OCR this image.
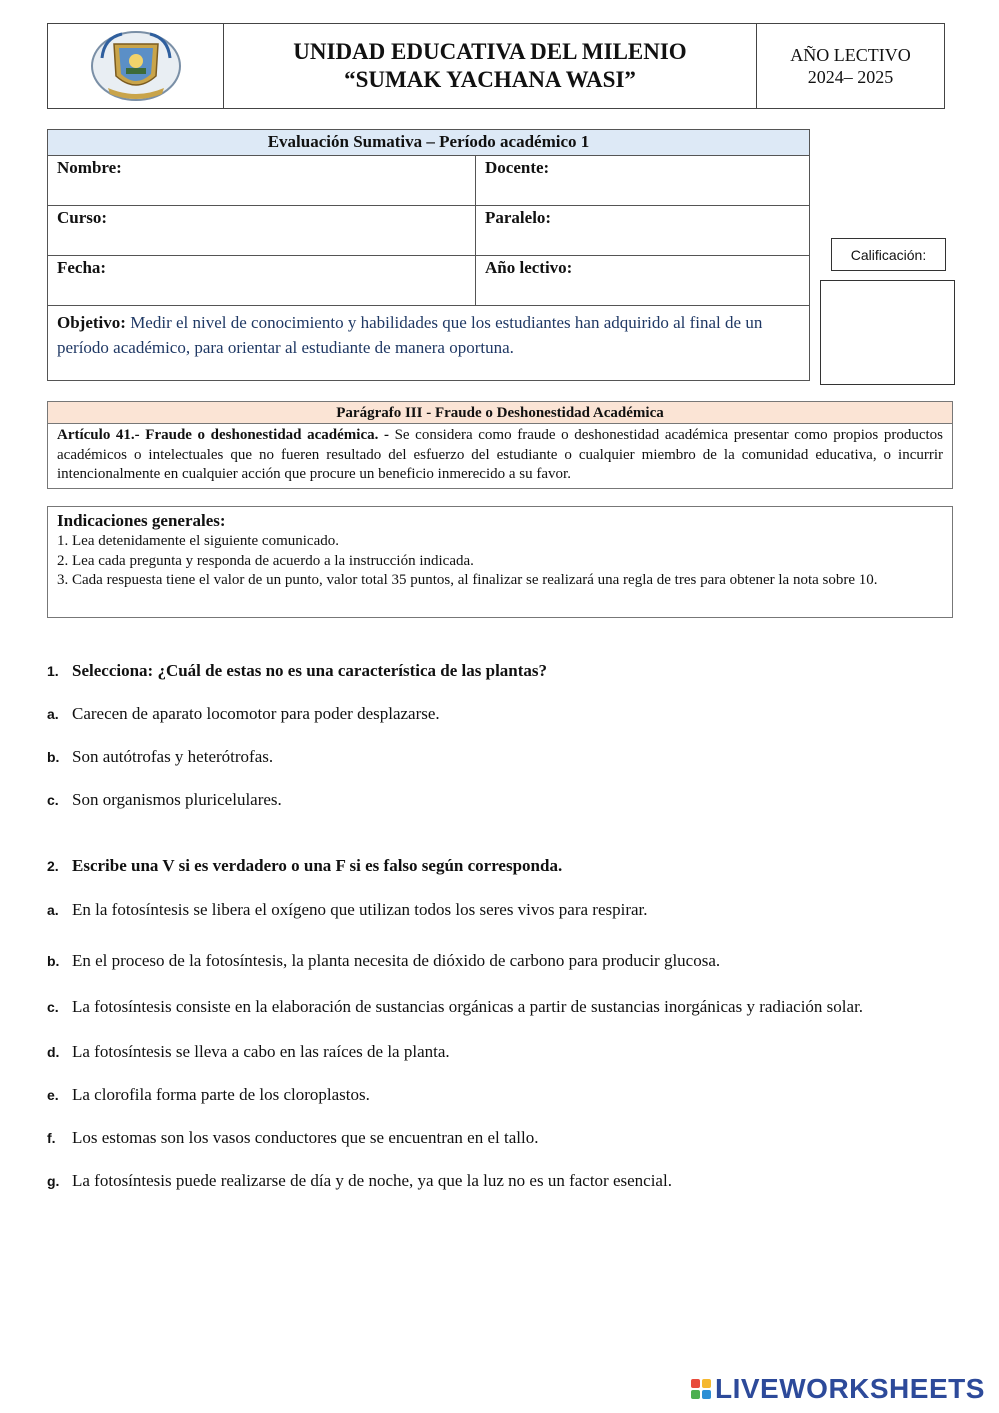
UNIDAD EDUCATIVA DEL MILENIO
“SUMAK YACHANA WASI”
AÑO LECTIVO
2024– 2025
Evaluación Sumativa – Período académico 1	
Nombre:	Docente:
Curso:	Paralelo:
Fecha:	Año lectivo:
Objetivo: Medir el nivel de conocimiento y habilidades que los estudiantes han adquirido al final de un período académico, para orientar al estudiante de manera oportuna.	
Calificación:
Parágrafo III - Fraude o Deshonestidad Académica
Artículo 41.- Fraude o deshonestidad académica. - Se considera como fraude o deshonestidad académica presentar como propios productos académicos o intelectuales que no fueren resultado del esfuerzo del estudiante o cualquier miembro de la comunidad educativa, o incurrir intencionalmente en cualquier acción que procure un beneficio inmerecido a su favor.
Indicaciones generales:
1. Lea detenidamente el siguiente comunicado.
2. Lea cada pregunta y responda de acuerdo a la instrucción indicada.
3. Cada respuesta tiene el valor de un punto, valor total 35 puntos, al finalizar se realizará una regla de tres para obtener la nota sobre 10.
1. Selecciona: ¿Cuál de estas no es una característica de las plantas?
a. Carecen de aparato locomotor para poder desplazarse.
b. Son autótrofas y heterótrofas.
c. Son organismos pluricelulares.
2. Escribe una V si es verdadero o una F si es falso según corresponda.
a. En la fotosíntesis se libera el oxígeno que utilizan todos los seres vivos para respirar.
b. En el proceso de la fotosíntesis, la planta necesita de dióxido de carbono para producir glucosa.
c. La fotosíntesis consiste en la elaboración de sustancias orgánicas a partir de sustancias inorgánicas y radiación solar.
d. La fotosíntesis se lleva a cabo en las raíces de la planta.
e. La clorofila forma parte de los cloroplastos.
f. Los estomas son los vasos conductores que se encuentran en el tallo.
g. La fotosíntesis puede realizarse de día y de noche, ya que la luz no es un factor esencial.
LIVEWORKSHEETS
